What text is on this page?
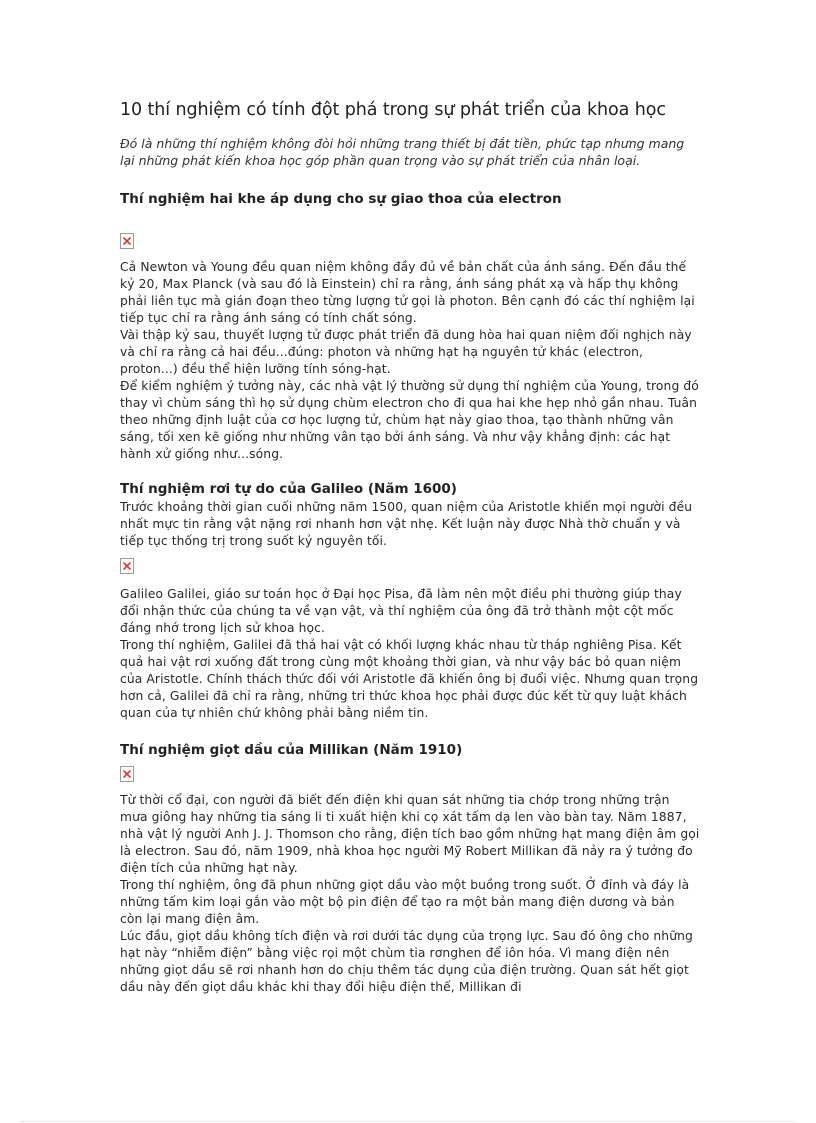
10 thí nghiệm có tính đột phá trong sự phát triển của khoa học

Đó là những thí nghiệm không đòi hỏi những trang thiết bị đắt tiền, phức tạp nhưng mang lại những phát kiến khoa học góp phần quan trọng vào sự phát triển của nhân loại.

Thí nghiệm hai khe áp dụng cho sự giao thoa của electron

Cả Newton và Young đều quan niệm không đầy đủ về bản chất của ánh sáng. Đến đầu thế kỷ 20, Max Planck (và sau đó là Einstein) chỉ ra rằng, ánh sáng phát xạ và hấp thụ không phải liên tục mà gián đoạn theo từng lượng tử gọi là photon. Bên cạnh đó các thí nghiệm lại tiếp tục chỉ ra rằng ánh sáng có tính chất sóng.

Vài thập kỷ sau, thuyết lượng tử được phát triển đã dung hòa hai quan niệm đối nghịch này và chỉ ra rằng cả hai đều...đúng: photon và những hạt hạ nguyên tử khác (electron, proton...) đều thể hiện lưỡng tính sóng-hạt.

Để kiểm nghiệm ý tưởng này, các nhà vật lý thường sử dụng thí nghiệm của Young, trong đó thay vì chùm sáng thì họ sử dụng chùm electron cho đi qua hai khe hẹp nhỏ gần nhau. Tuân theo những định luật của cơ học lượng tử, chùm hạt này giao thoa, tạo thành những vân sáng, tối xen kẽ giống như những vân tạo bởi ánh sáng. Và như vậy khẳng định: các hạt hành xử giống như...sóng.

Thí nghiệm rơi tự do của Galileo (Năm 1600)

Trước khoảng thời gian cuối những năm 1500, quan niệm của Aristotle khiến mọi người đều nhất mực tin rằng vật nặng rơi nhanh hơn vật nhẹ. Kết luận này được Nhà thờ chuẩn y và tiếp tục thống trị trong suốt kỷ nguyên tối.

Galileo Galilei, giáo sư toán học ở Đại học Pisa, đã làm nên một điều phi thường giúp thay đổi nhận thức của chúng ta về vạn vật, và thí nghiệm của ông đã trở thành một cột mốc đáng nhớ trong lịch sử khoa học.

Trong thí nghiệm, Galilei đã thả hai vật có khối lượng khác nhau từ tháp nghiêng Pisa. Kết quả hai vật rơi xuống đất trong cùng một khoảng thời gian, và như vậy bác bỏ quan niệm của Aristotle. Chính thách thức đối với Aristotle đã khiến ông bị đuổi việc. Nhưng quan trọng hơn cả, Galilei đã chỉ ra rằng, những tri thức khoa học phải được đúc kết từ quy luật khách quan của tự nhiên chứ không phải bằng niềm tin.

Thí nghiệm giọt dầu của Millikan (Năm 1910)

Từ thời cổ đại, con người đã biết đến điện khi quan sát những tia chớp trong những trận mưa giông hay những tia sáng li ti xuất hiện khi cọ xát tấm dạ len vào bàn tay. Năm 1887, nhà vật lý người Anh J. J. Thomson cho rằng, điện tích bao gồm những hạt mang điện âm gọi là electron. Sau đó, năm 1909, nhà khoa học người Mỹ Robert Millikan đã nảy ra ý tưởng đo điện tích của những hạt này.

Trong thí nghiệm, ông đã phun những giọt dầu vào một buồng trong suốt. Ở đỉnh và đáy là những tấm kim loại gắn vào một bộ pin điện để tạo ra một bản mang điện dương và bản còn lại mang điện âm.

Lúc đầu, giọt dầu không tích điện và rơi dưới tác dụng của trọng lực. Sau đó ông cho những hạt này “nhiễm điện” bằng việc rọi một chùm tia rơnghen để iôn hóa. Vì mang điện nên những giọt dầu sẽ rơi nhanh hơn do chịu thêm tác dụng của điện trường. Quan sát hết giọt dầu này đến giọt dầu khác khi thay đổi hiệu điện thế, Millikan đi
